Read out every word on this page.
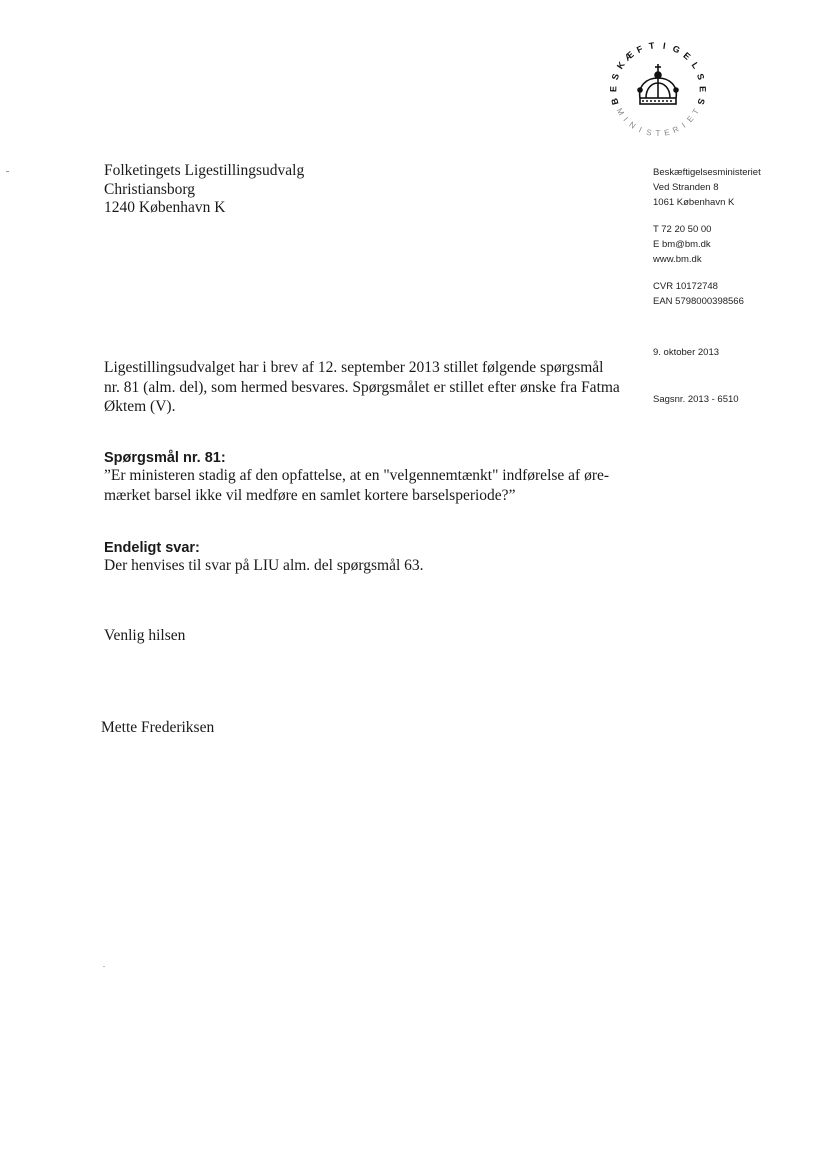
B
E
S
K
Æ F T I G
E
L
S
E
S
M
I
N I S T E R I
E
T
Folketingets Ligestillingsudvalg
Christiansborg
1240 København K
Beskæftigelsesministeriet
Ved Stranden 8
1061 København K
T 72 20 50 00
E bm@bm.dk
www.bm.dk
CVR 10172748
EAN 5798000398566
9. oktober 2013
Sagsnr. 2013 - 6510
Ligestillingsudvalget har i brev af 12. september 2013 stillet følgende spørgsmål
nr. 81 (alm. del), som hermed besvares. Spørgsmålet er stillet efter ønske fra Fatma
Øktem (V).
Spørgsmål nr. 81:
”Er ministeren stadig af den opfattelse, at en "velgennemtænkt" indførelse af øre-
mærket barsel ikke vil medføre en samlet kortere barselsperiode?”
Endeligt svar:
Der henvises til svar på LIU alm. del spørgsmål 63.
Venlig hilsen
Mette Frederiksen
